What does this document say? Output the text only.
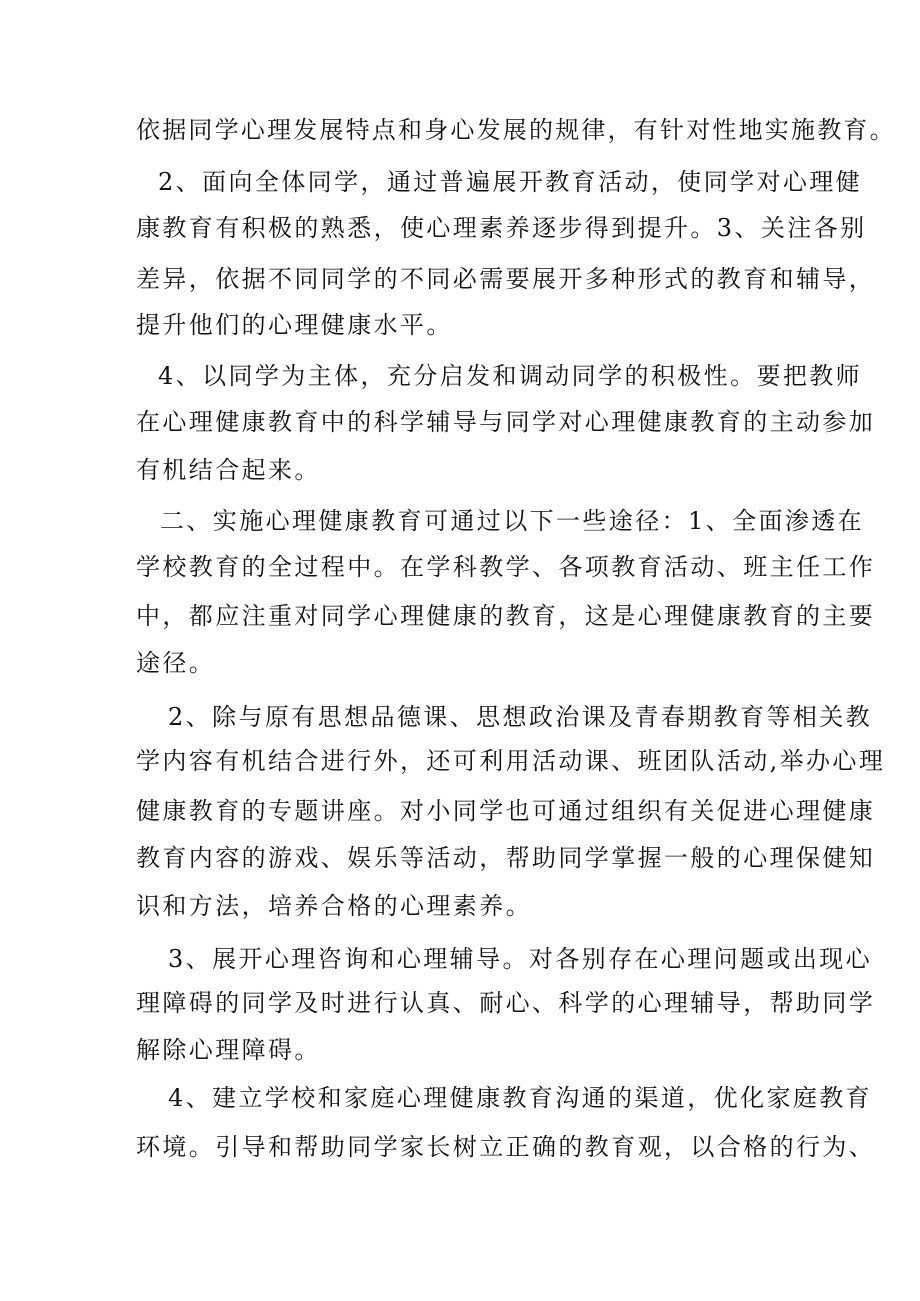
依据同学心理发展特点和身心发展的规律，有针对性地实施教育。

2、面向全体同学，通过普遍展开教育活动，使同学对心理健

康教育有积极的熟悉，使心理素养逐步得到提升。3、关注各别

差异，依据不同同学的不同必需要展开多种形式的教育和辅导，

提升他们的心理健康水平。

4、以同学为主体，充分启发和调动同学的积极性。要把教师

在心理健康教育中的科学辅导与同学对心理健康教育的主动参加

有机结合起来。

二、实施心理健康教育可通过以下一些途径：1、全面渗透在

学校教育的全过程中。在学科教学、各项教育活动、班主任工作

中，都应注重对同学心理健康的教育，这是心理健康教育的主要

途径。

2、除与原有思想品德课、思想政治课及青春期教育等相关教

学内容有机结合进行外，还可利用活动课、班团队活动,举办心理

健康教育的专题讲座。对小同学也可通过组织有关促进心理健康

教育内容的游戏、娱乐等活动，帮助同学掌握一般的心理保健知

识和方法，培养合格的心理素养。

3、展开心理咨询和心理辅导。对各别存在心理问题或出现心

理障碍的同学及时进行认真、耐心、科学的心理辅导，帮助同学

解除心理障碍。

4、建立学校和家庭心理健康教育沟通的渠道，优化家庭教育

环境。引导和帮助同学家长树立正确的教育观，以合格的行为、
